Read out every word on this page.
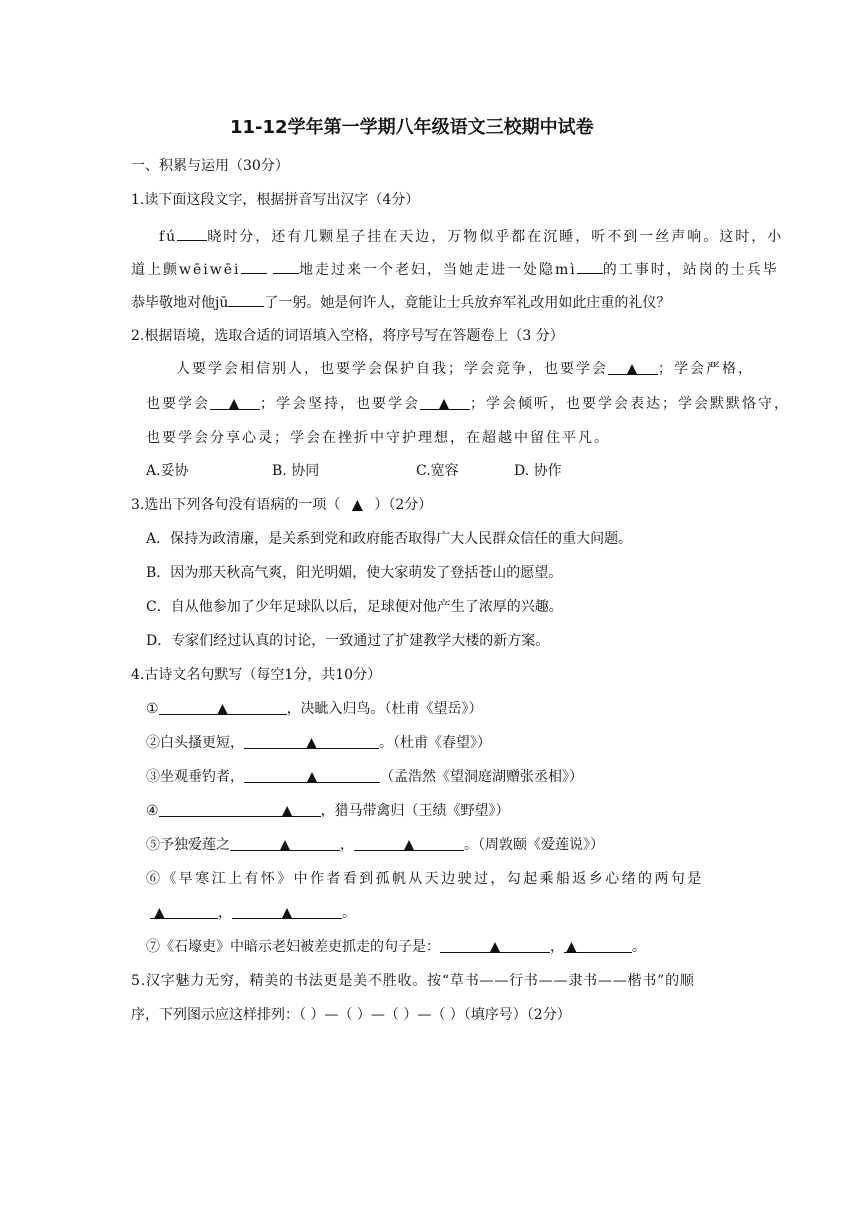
11-12学年第一学期八年级语文三校期中试卷
一、积累与运用（30分）
1.读下面这段文字，根据拼音写出汉字（4分）
fú 晓时分，还有几颗星子挂在天边，万物似乎都在沉睡，听不到一丝声响。这时，小
道上颤wēiwēi	地走过来一个老妇，当她走进一处隐mì 的工事时，站岗的士兵毕
恭毕敬地对他jū	了一躬。她是何许人，竟能让士兵放弃军礼改用如此庄重的礼仪？
2.根据语境，选取合适的词语填入空格，将序号写在答题卷上（3 分）
人要学会相信别人，也要学会保护自我；学会竞争，也要学会 ▲ ；学会严格，
也要学会 ▲ ；学会坚持，也要学会 ▲ ；学会倾听，也要学会表达；学会默默恪守，
也要学会分享心灵；学会在挫折中守护理想，在超越中留住平凡。
A.妥协	B. 协同	C.宽容	D. 协作
3.选出下列各句没有语病的一项（ ▲ ）（2分）
A．保持为政清廉，是关系到党和政府能否取得广大人民群众信任的重大问题。
B．因为那天秋高气爽，阳光明媚，使大家萌发了登括苍山的愿望。
C．自从他参加了少年足球队以后，足球便对他产生了浓厚的兴趣。
D．专家们经过认真的讨论，一致通过了扩建教学大楼的新方案。
4.古诗文名句默写（每空1分，共10分）
①	▲	，决眦入归鸟。（杜甫《望岳》）
②白头搔更短，	▲	。（杜甫《春望》）
③坐观垂钓者，	▲	（孟浩然《望洞庭湖赠张丞相》）
④	▲ ，猎马带禽归（王绩《野望》）
⑤予独爱莲之	▲	，	▲	。（周敦颐《爱莲说》）
⑥《早寒江上有怀》中作者看到孤帆从天边驶过，勾起乘船返乡心绪的两句是
▲	，	▲	。
⑦《石壕吏》中暗示老妇被差吏抓走的句子是：	▲	， ▲	。
5.汉字魅力无穷，精美的书法更是美不胜收。按“草书——行书——隶书——楷书”的顺
序，下列图示应这样排列：（ ）—（ ）—（ ）—（ ）（填序号）（2分）
